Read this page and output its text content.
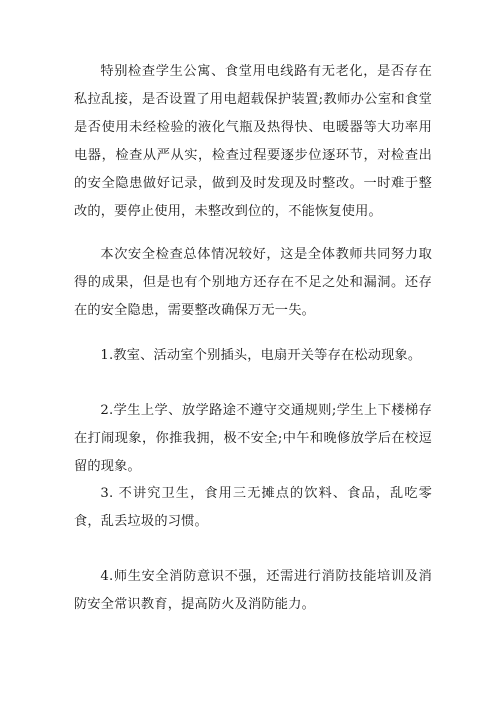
特别检查学生公寓、食堂用电线路有无老化，是否存在私拉乱接，是否设置了用电超载保护装置;教师办公室和食堂是否使用未经检验的液化气瓶及热得快、电暖器等大功率用电器，检查从严从实，检查过程要逐步位逐环节，对检查出的安全隐患做好记录，做到及时发现及时整改。一时难于整改的，要停止使用，未整改到位的，不能恢复使用。

本次安全检查总体情况较好，这是全体教师共同努力取得的成果，但是也有个别地方还存在不足之处和漏洞。还存在的安全隐患，需要整改确保万无一失。

1.教室、活动室个别插头，电扇开关等存在松动现象。

2.学生上学、放学路途不遵守交通规则;学生上下楼梯存在打闹现象，你推我拥，极不安全;中午和晚修放学后在校逗留的现象。

3. 不讲究卫生，食用三无摊点的饮料、食品，乱吃零食，乱丢垃圾的习惯。

4.师生安全消防意识不强，还需进行消防技能培训及消防安全常识教育，提高防火及消防能力。
